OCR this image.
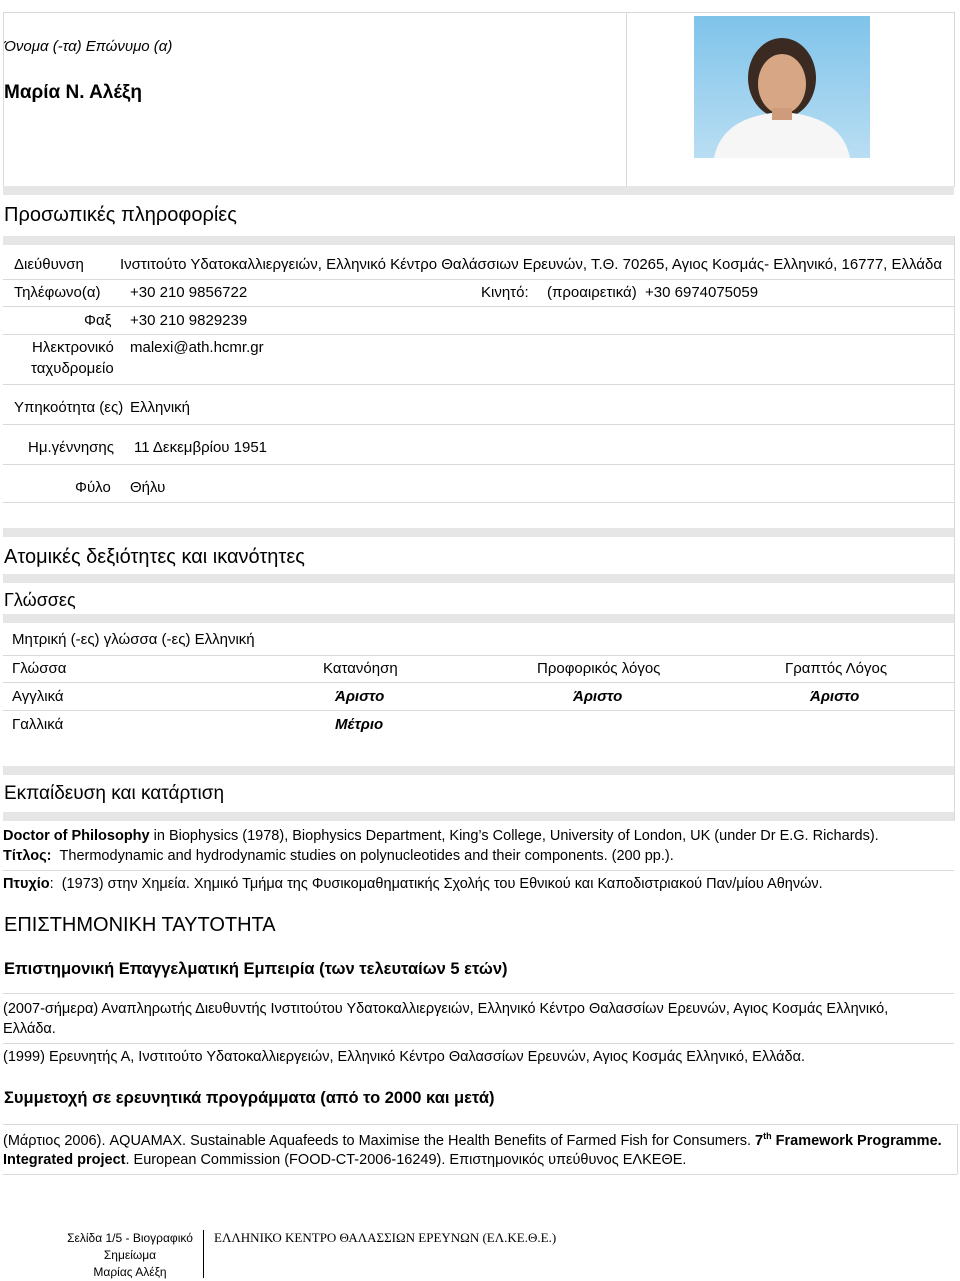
Όνομα (-τα) Επώνυμο (α)
Μαρία Ν. Αλέξη
Προσωπικές πληροφορίες
Διεύθυνση Ινστιτούτο Υδατοκαλλιεργειών, Ελληνικό Κέντρο Θαλάσσιων Ερευνών, Τ.Θ. 70265, Αγιος Κοσμάς- Ελληνικό, 16777, Ελλάδα
Τηλέφωνο(α) +30 210 9856722	Κινητό: (προαιρετικά)  +30 6974075059
Φαξ +30 210 9829239
Ηλεκτρονικό
ταχυδρομείο
malexi@ath.hcmr.gr
Υπηκοότητα (ες) Ελληνική
Ημ.γέννησης 11 Δεκεμβρίου 1951
Φύλο Θήλυ
Ατομικές δεξιότητες και ικανότητες
Γλώσσες
Μητρική (-ες) γλώσσα (-ες) Ελληνική
Γλώσσα	Κατανόηση	Προφορικός λόγος	Γραπτός Λόγος
Αγγλικά	Άριστο	Άριστο	Άριστο
Γαλλικά	Μέτριο
Εκπαίδευση και κατάρτιση
Doctor of Philosophy in Biophysics (1978), Biophysics Department, King’s College, University of London, UK (under Dr E.G. Richards).
Τίτλος:  Thermodynamic and hydrodynamic studies on polynucleotides and their components. (200 pp.).
Πτυχίο:  (1973) στην Χημεία. Χημικό Τμήμα της Φυσικομαθηματικής Σχολής του Εθνικού και Καποδιστριακού Παν/μίου Αθηνών.
ΕΠΙΣΤΗΜΟΝΙΚΗ ΤΑΥΤΟΤΗΤΑ
Επιστημονική Επαγγελματική Εμπειρία (των τελευταίων 5 ετών)
(2007-σήμερα) Αναπληρωτής Διευθυντής Ινστιτούτου Υδατοκαλλιεργειών, Ελληνικό Κέντρο Θαλασσίων Ερευνών, Αγιος Κοσμάς Ελληνικό,
Ελλάδα.
(1999) Ερευνητής Α, Ινστιτούτο Υδατοκαλλιεργειών, Ελληνικό Κέντρο Θαλασσίων Ερευνών, Αγιος Κοσμάς Ελληνικό, Ελλάδα.
Συμμετοχή σε ερευνητικά προγράμματα (από το 2000 και μετά)
(Μάρτιος 2006). AQUAMAX. Sustainable Aquafeeds to Maximise the Health Benefits of Farmed Fish for Consumers. 7th Framework Programme.
Integrated project. European Commission (FOOD-CT-2006-16249). Επιστημονικός υπεύθυνος ΕΛΚΕΘΕ.
Σελίδα 1/5 - Βιογραφικό
Σημείωμα
Μαρίας Αλέξη
ΕΛΛΗΝΙΚΟ ΚΕΝΤΡΟ ΘΑΛΑΣΣΙΩΝ ΕΡΕΥΝΩΝ (ΕΛ.ΚΕ.Θ.Ε.)
